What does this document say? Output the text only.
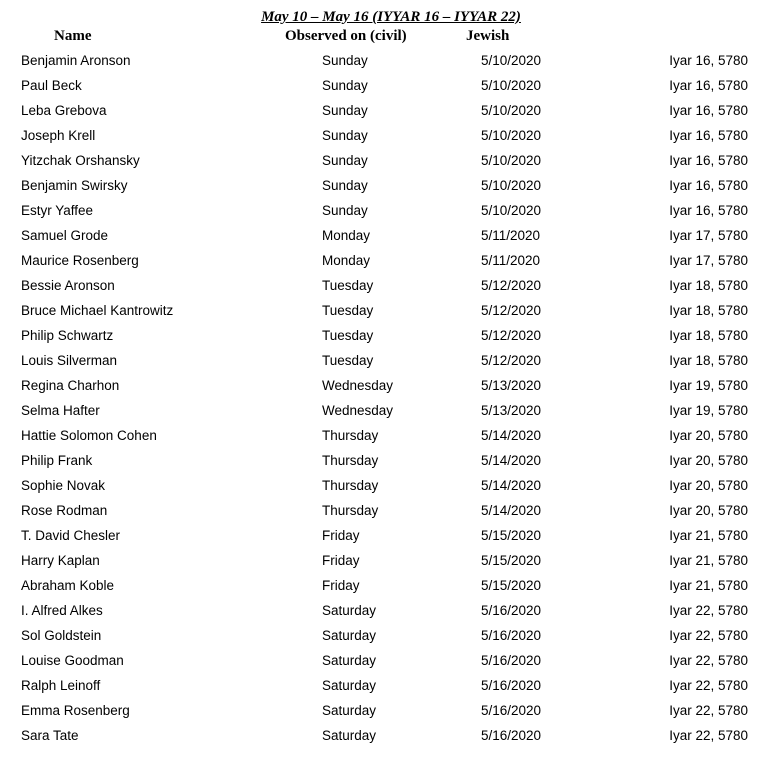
May 10 – May 16 (IYYAR 16 – IYYAR 22)
Name	Observed on (civil)	Jewish
Benjamin Aronson	Sunday	5/10/2020	Iyar 16, 5780
Paul Beck	Sunday	5/10/2020	Iyar 16, 5780
Leba Grebova	Sunday	5/10/2020	Iyar 16, 5780
Joseph Krell	Sunday	5/10/2020	Iyar 16, 5780
Yitzchak Orshansky	Sunday	5/10/2020	Iyar 16, 5780
Benjamin Swirsky	Sunday	5/10/2020	Iyar 16, 5780
Estyr Yaffee	Sunday	5/10/2020	Iyar 16, 5780
Samuel Grode	Monday	5/11/2020	Iyar 17, 5780
Maurice Rosenberg	Monday	5/11/2020	Iyar 17, 5780
Bessie Aronson	Tuesday	5/12/2020	Iyar 18, 5780
Bruce Michael Kantrowitz	Tuesday	5/12/2020	Iyar 18, 5780
Philip Schwartz	Tuesday	5/12/2020	Iyar 18, 5780
Louis Silverman	Tuesday	5/12/2020	Iyar 18, 5780
Regina Charhon	Wednesday	5/13/2020	Iyar 19, 5780
Selma Hafter	Wednesday	5/13/2020	Iyar 19, 5780
Hattie Solomon Cohen	Thursday	5/14/2020	Iyar 20, 5780
Philip Frank	Thursday	5/14/2020	Iyar 20, 5780
Sophie Novak	Thursday	5/14/2020	Iyar 20, 5780
Rose Rodman	Thursday	5/14/2020	Iyar 20, 5780
T. David Chesler	Friday	5/15/2020	Iyar 21, 5780
Harry Kaplan	Friday	5/15/2020	Iyar 21, 5780
Abraham Koble	Friday	5/15/2020	Iyar 21, 5780
I. Alfred Alkes	Saturday	5/16/2020	Iyar 22, 5780
Sol Goldstein	Saturday	5/16/2020	Iyar 22, 5780
Louise Goodman	Saturday	5/16/2020	Iyar 22, 5780
Ralph Leinoff	Saturday	5/16/2020	Iyar 22, 5780
Emma Rosenberg	Saturday	5/16/2020	Iyar 22, 5780
Sara Tate	Saturday	5/16/2020	Iyar 22, 5780
